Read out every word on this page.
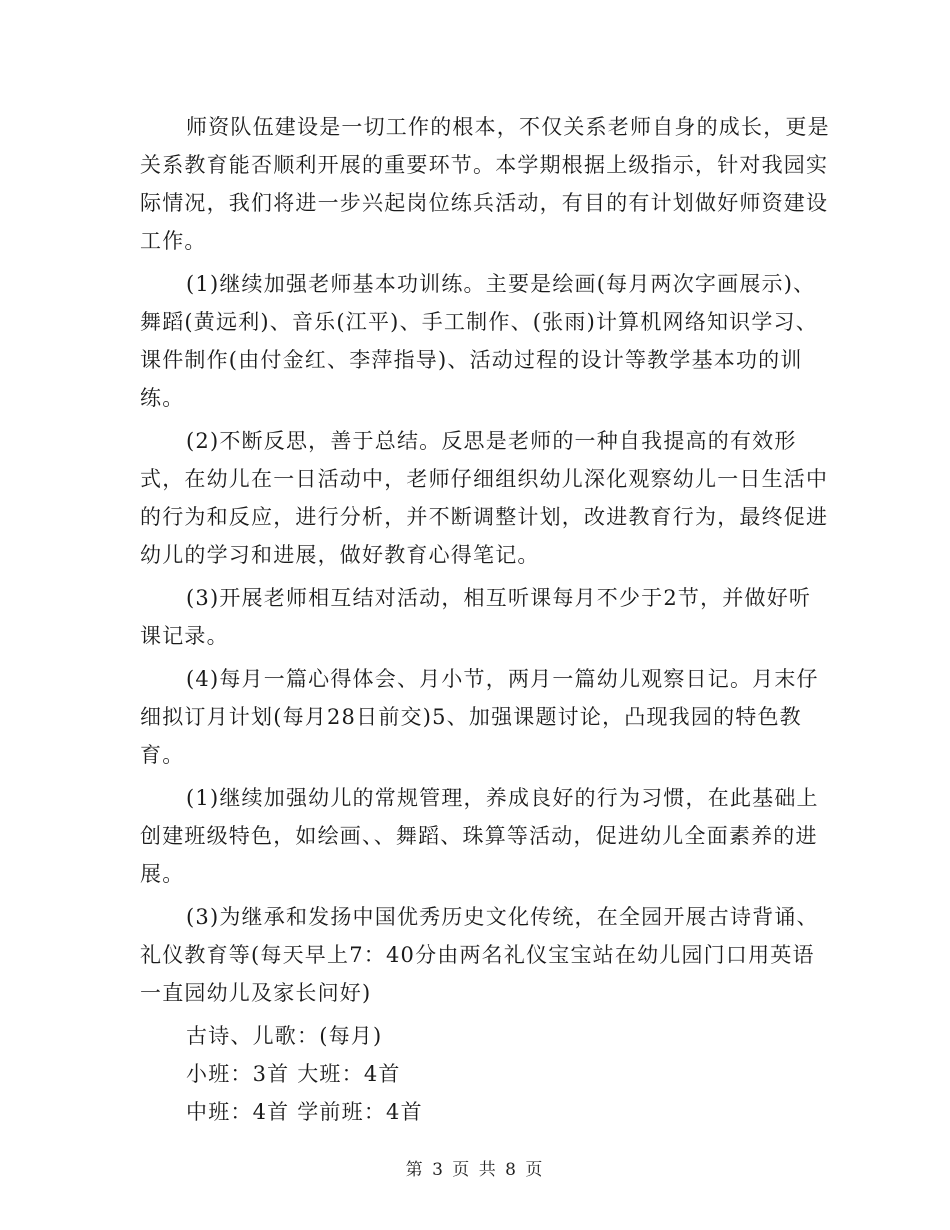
师资队伍建设是一切工作的根本，不仅关系老师自身的成长，更是关系教育能否顺利开展的重要环节。本学期根据上级指示，针对我园实际情况，我们将进一步兴起岗位练兵活动，有目的有计划做好师资建设工作。

(1)继续加强老师基本功训练。主要是绘画(每月两次字画展示)、舞蹈(黄远利)、音乐(江平)、手工制作、(张雨)计算机网络知识学习、课件制作(由付金红、李萍指导)、活动过程的设计等教学基本功的训练。

(2)不断反思，善于总结。反思是老师的一种自我提高的有效形式，在幼儿在一日活动中，老师仔细组织幼儿深化观察幼儿一日生活中的行为和反应，进行分析，并不断调整计划，改进教育行为，最终促进幼儿的学习和进展，做好教育心得笔记。

(3)开展老师相互结对活动，相互听课每月不少于2节，并做好听课记录。

(4)每月一篇心得体会、月小节，两月一篇幼儿观察日记。月末仔细拟订月计划(每月28日前交)5、加强课题讨论，凸现我园的特色教育。

(1)继续加强幼儿的常规管理，养成良好的行为习惯，在此基础上创建班级特色，如绘画、、舞蹈、珠算等活动，促进幼儿全面素养的进展。

(3)为继承和发扬中国优秀历史文化传统，在全园开展古诗背诵、礼仪教育等(每天早上7：40分由两名礼仪宝宝站在幼儿园门口用英语一直园幼儿及家长问好)

古诗、儿歌：(每月)

小班：3首 大班：4首

中班：4首 学前班：4首

第 3 页 共 8 页
